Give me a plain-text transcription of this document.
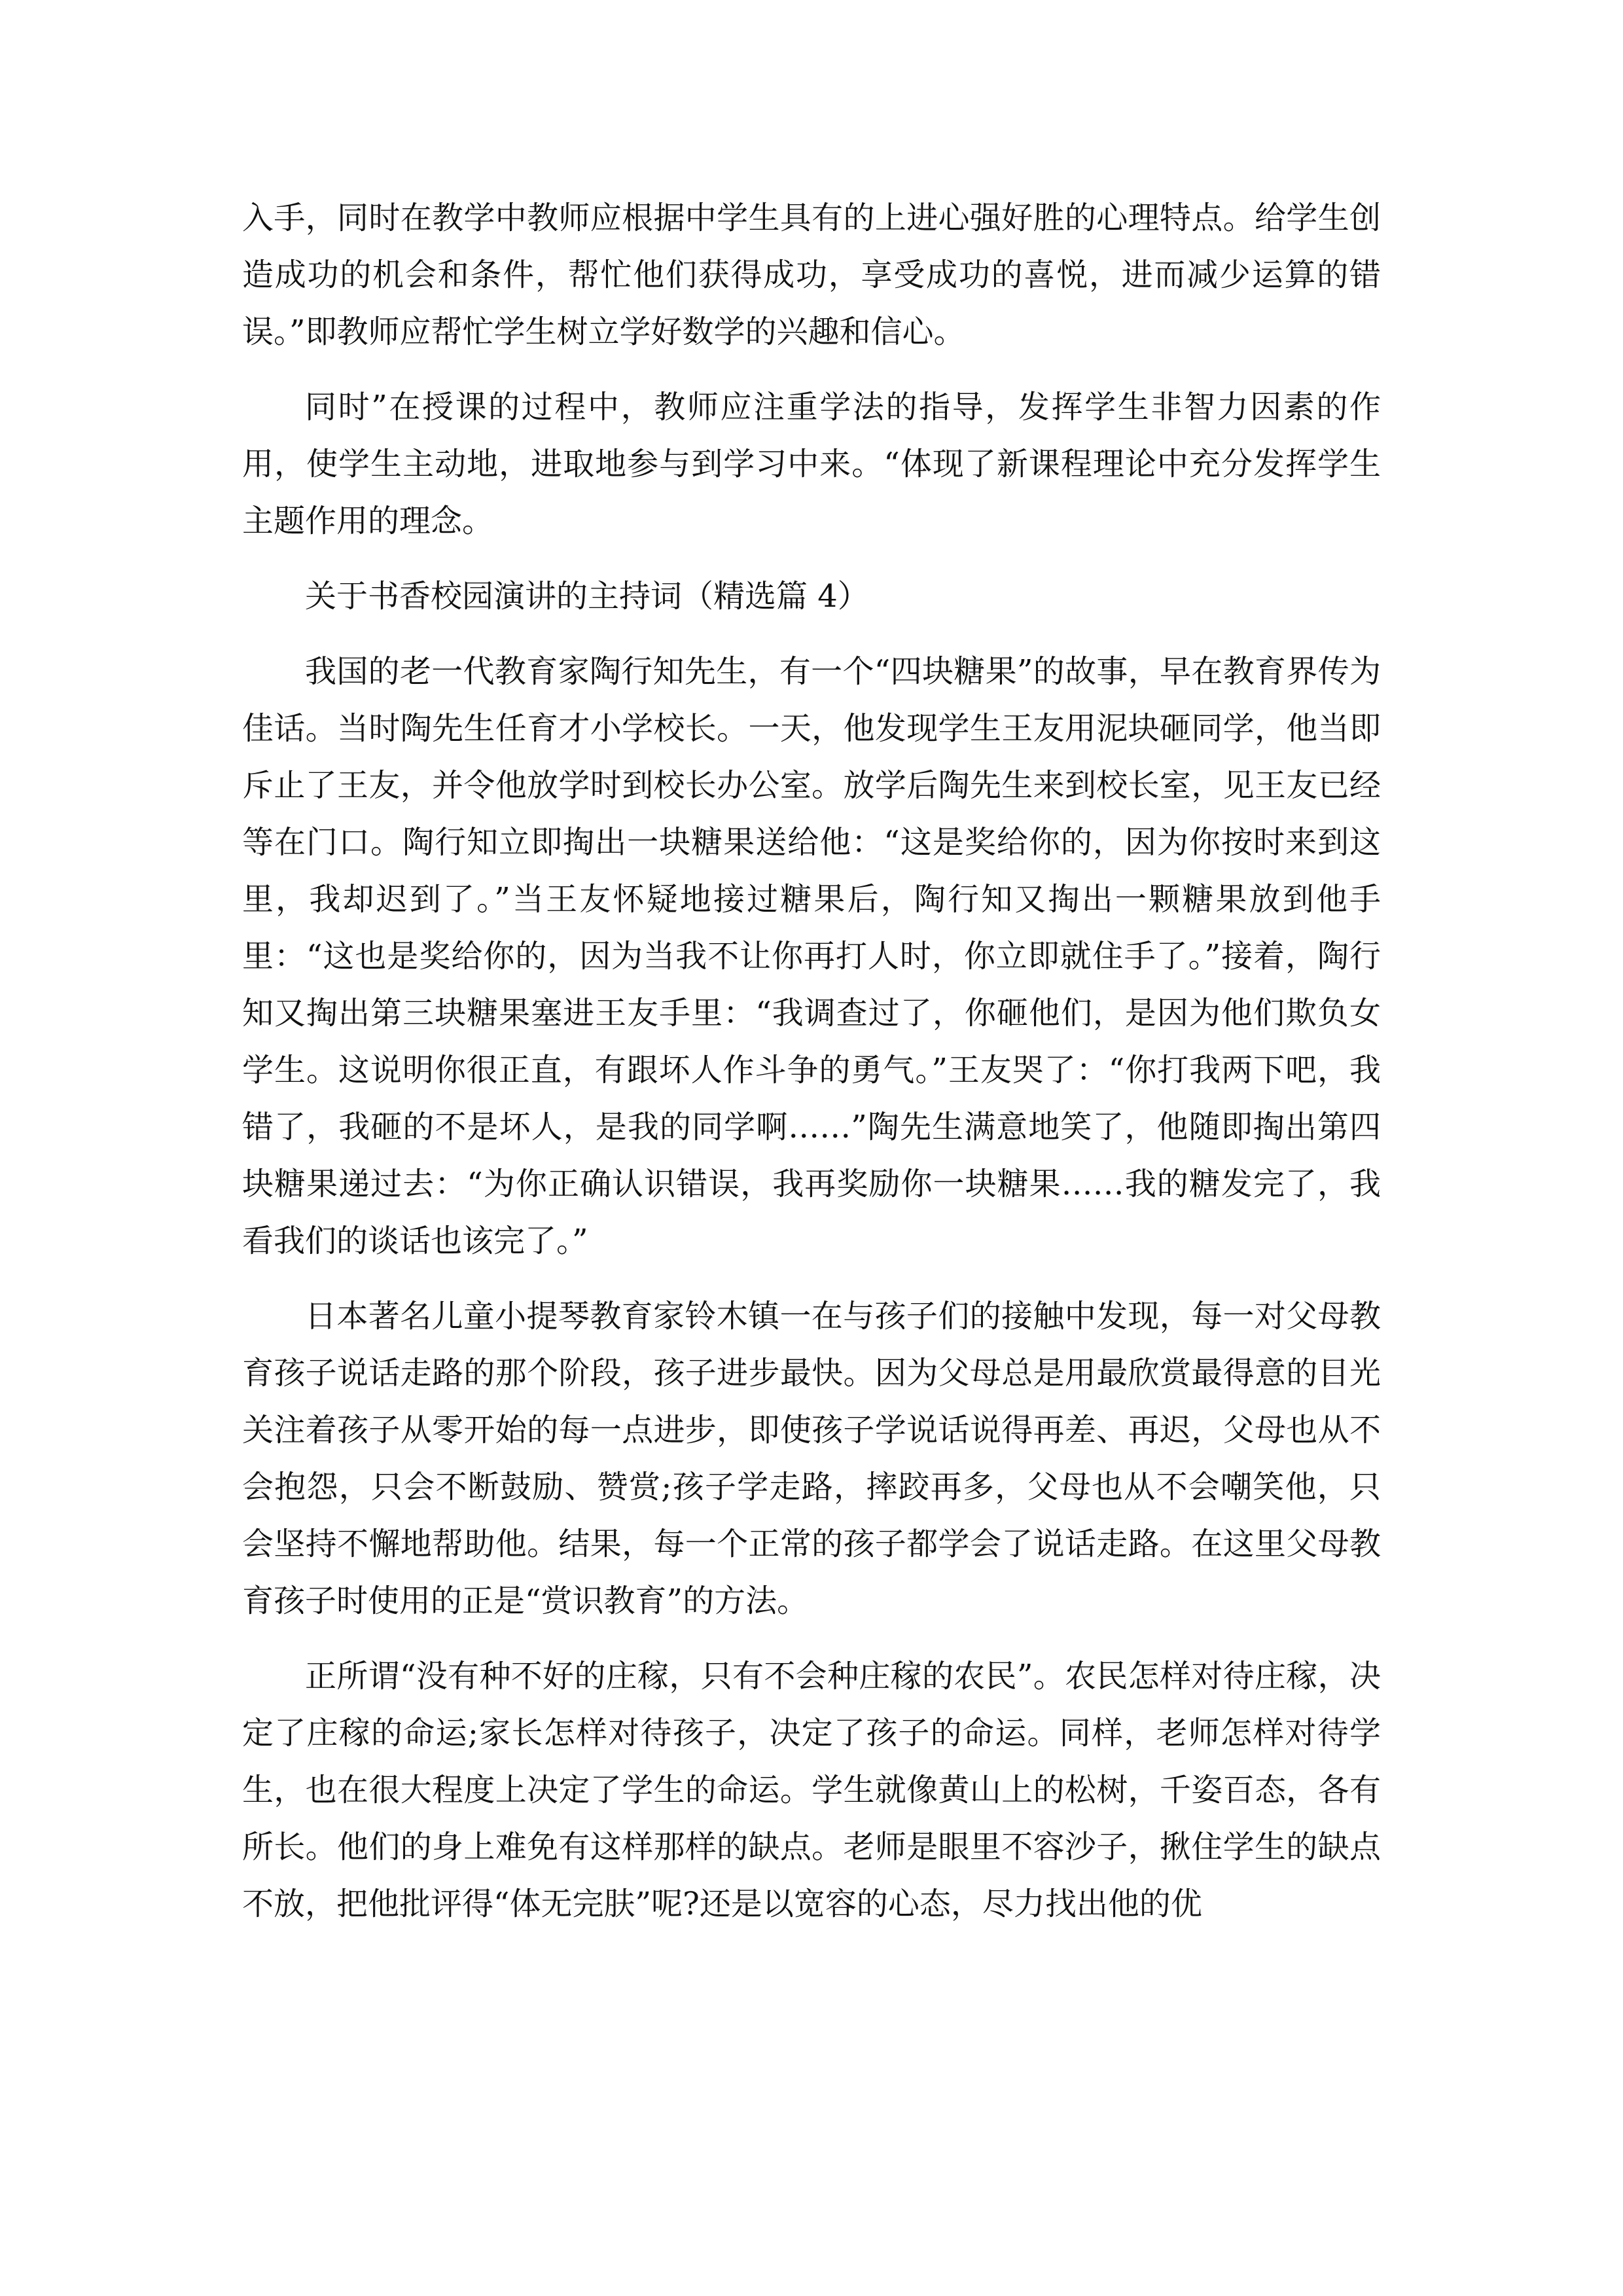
入手，同时在教学中教师应根据中学生具有的上进心强好胜的心理特点。给学生创造成功的机会和条件，帮忙他们获得成功，享受成功的喜悦，进而减少运算的错误。”即教师应帮忙学生树立学好数学的兴趣和信心。

同时”在授课的过程中，教师应注重学法的指导，发挥学生非智力因素的作用，使学生主动地，进取地参与到学习中来。“体现了新课程理论中充分发挥学生主题作用的理念。

关于书香校园演讲的主持词（精选篇 4）

我国的老一代教育家陶行知先生，有一个“四块糖果”的故事，早在教育界传为佳话。当时陶先生任育才小学校长。一天，他发现学生王友用泥块砸同学，他当即斥止了王友，并令他放学时到校长办公室。放学后陶先生来到校长室，见王友已经等在门口。陶行知立即掏出一块糖果送给他：“这是奖给你的，因为你按时来到这里，我却迟到了。”当王友怀疑地接过糖果后，陶行知又掏出一颗糖果放到他手里：“这也是奖给你的，因为当我不让你再打人时，你立即就住手了。”接着，陶行知又掏出第三块糖果塞进王友手里：“我调查过了，你砸他们，是因为他们欺负女学生。这说明你很正直，有跟坏人作斗争的勇气。”王友哭了：“你打我两下吧，我错了，我砸的不是坏人，是我的同学啊……”陶先生满意地笑了，他随即掏出第四块糖果递过去：“为你正确认识错误，我再奖励你一块糖果……我的糖发完了，我看我们的谈话也该完了。”

日本著名儿童小提琴教育家铃木镇一在与孩子们的接触中发现，每一对父母教育孩子说话走路的那个阶段，孩子进步最快。因为父母总是用最欣赏最得意的目光关注着孩子从零开始的每一点进步，即使孩子学说话说得再差、再迟，父母也从不会抱怨，只会不断鼓励、赞赏;孩子学走路，摔跤再多，父母也从不会嘲笑他，只会坚持不懈地帮助他。结果，每一个正常的孩子都学会了说话走路。在这里父母教育孩子时使用的正是“赏识教育”的方法。

正所谓“没有种不好的庄稼，只有不会种庄稼的农民”。农民怎样对待庄稼，决定了庄稼的命运;家长怎样对待孩子，决定了孩子的命运。同样，老师怎样对待学生，也在很大程度上决定了学生的命运。学生就像黄山上的松树，千姿百态，各有所长。他们的身上难免有这样那样的缺点。老师是眼里不容沙子，揪住学生的缺点不放，把他批评得“体无完肤”呢?还是以宽容的心态，尽力找出他的优
